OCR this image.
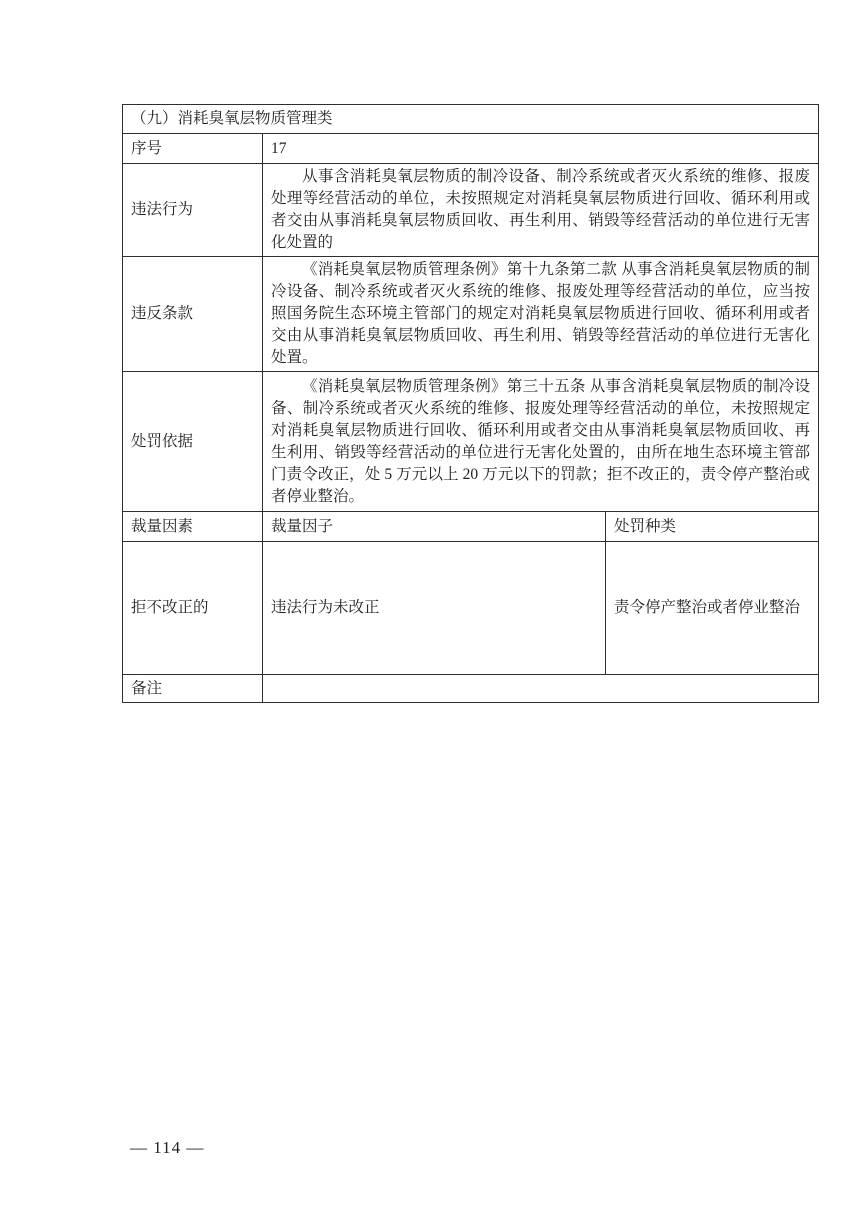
（九）消耗臭氧层物质管理类		
序号	17	
违法行为	从事含消耗臭氧层物质的制冷设备、制冷系统或者灭火系统的维修、报废处理等经营活动的单位，未按照规定对消耗臭氧层物质进行回收、循环利用或者交由从事消耗臭氧层物质回收、再生利用、销毁等经营活动的单位进行无害化处置的	
违反条款	《消耗臭氧层物质管理条例》第十九条第二款 从事含消耗臭氧层物质的制冷设备、制冷系统或者灭火系统的维修、报废处理等经营活动的单位，应当按照国务院生态环境主管部门的规定对消耗臭氧层物质进行回收、循环利用或者交由从事消耗臭氧层物质回收、再生利用、销毁等经营活动的单位进行无害化处置。	
处罚依据	《消耗臭氧层物质管理条例》第三十五条 从事含消耗臭氧层物质的制冷设备、制冷系统或者灭火系统的维修、报废处理等经营活动的单位，未按照规定对消耗臭氧层物质进行回收、循环利用或者交由从事消耗臭氧层物质回收、再生利用、销毁等经营活动的单位进行无害化处置的，由所在地生态环境主管部门责令改正，处 5 万元以上 20 万元以下的罚款；拒不改正的，责令停产整治或者停业整治。	
裁量因素	裁量因子	处罚种类
拒不改正的	违法行为未改正	责令停产整治或者停业整治
备注		
— 114 —
